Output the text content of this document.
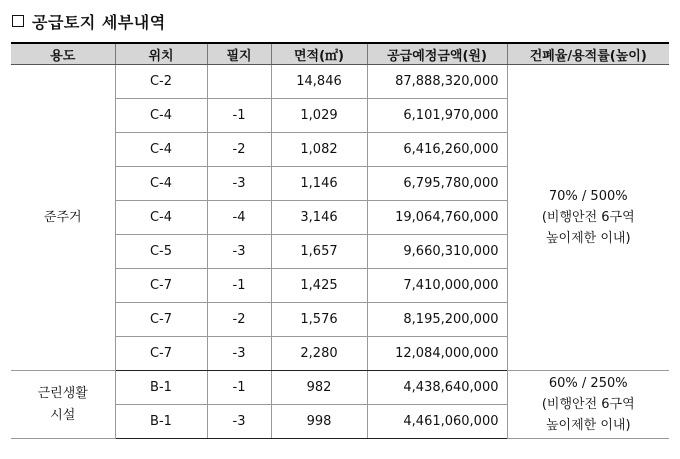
공급토지 세부내역
용도	위치	필지	면적(㎡)	공급예정금액(원)	건폐율/용적률(높이)
준주거	C-2		14,846	87,888,320,000	70% / 500%
(비행안전 6구역
높이제한 이내)

	C-4	-1	1,029	6,101,970,000	
	C-4	-2	1,082	6,416,260,000	
	C-4	-3	1,146	6,795,780,000	
	C-4	-4	3,146	19,064,760,000	
	C-5	-3	1,657	9,660,310,000	
	C-7	-1	1,425	7,410,000,000	
	C-7	-2	1,576	8,195,200,000	
	C-7	-3	2,280	12,084,000,000	

근린생활
시설	B-1	-1	982	4,438,640,000	60% / 250%
(비행안전 6구역
높이제한 이내)

	B-1	-3	998	4,461,060,000	
